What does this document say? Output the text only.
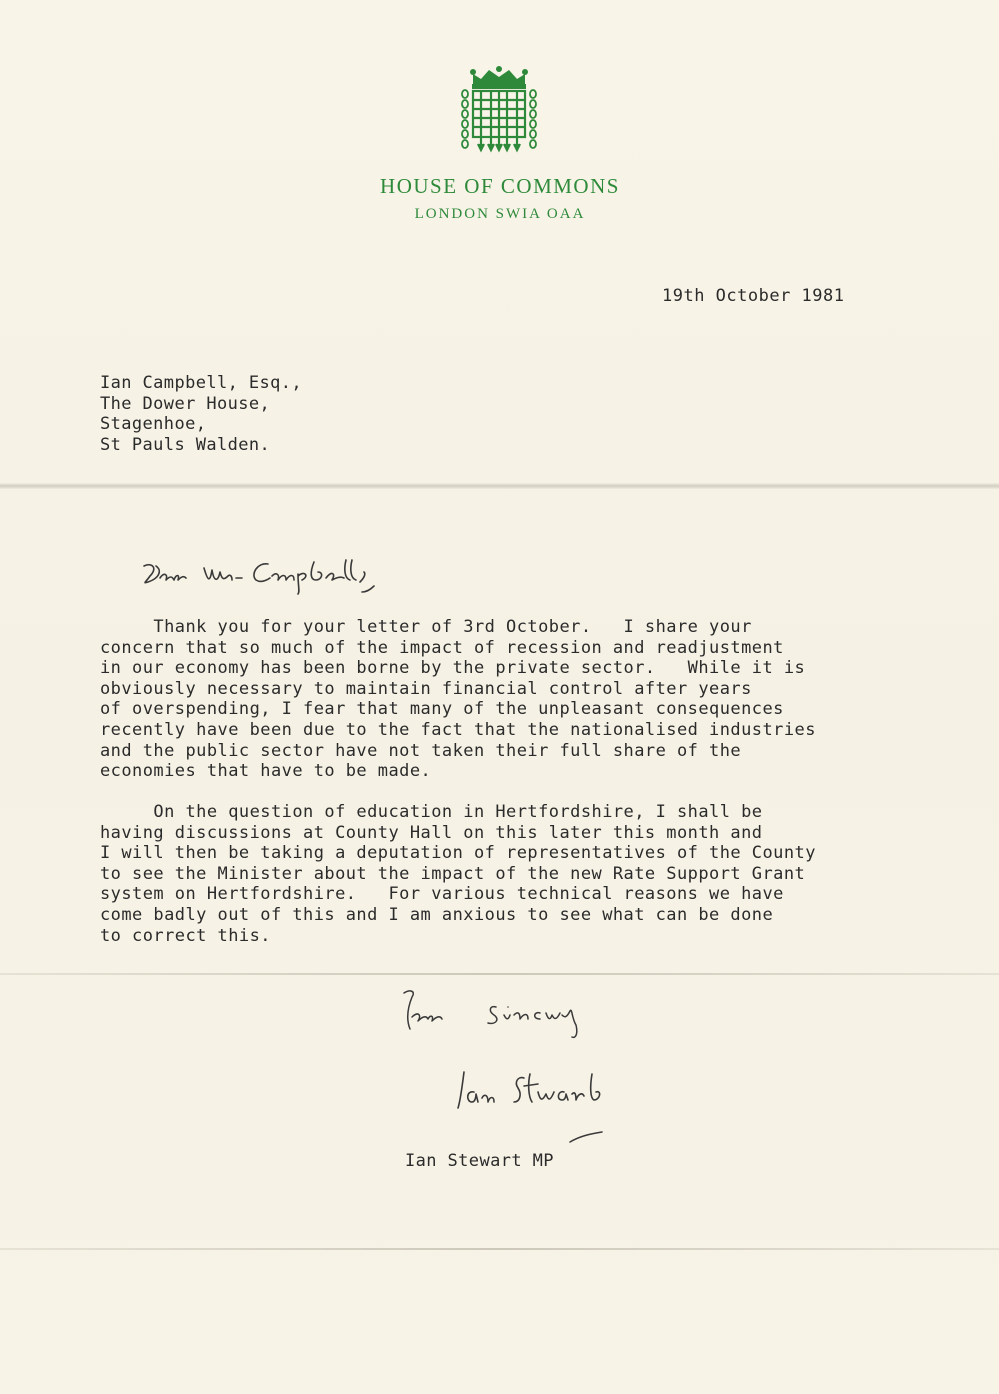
HOUSE OF COMMONS
LONDON SWIA OAA
19th October 1981
Ian Campbell, Esq.,
The Dower House,
Stagenhoe,
St Pauls Walden.
Thank you for your letter of 3rd October.   I share your
concern that so much of the impact of recession and readjustment
in our economy has been borne by the private sector.   While it is
obviously necessary to maintain financial control after years
of overspending, I fear that many of the unpleasant consequences
recently have been due to the fact that the nationalised industries
and the public sector have not taken their full share of the
economies that have to be made.
On the question of education in Hertfordshire, I shall be
having discussions at County Hall on this later this month and
I will then be taking a deputation of representatives of the County
to see the Minister about the impact of the new Rate Support Grant
system on Hertfordshire.   For various technical reasons we have
come badly out of this and I am anxious to see what can be done
to correct this.
Ian Stewart MP
